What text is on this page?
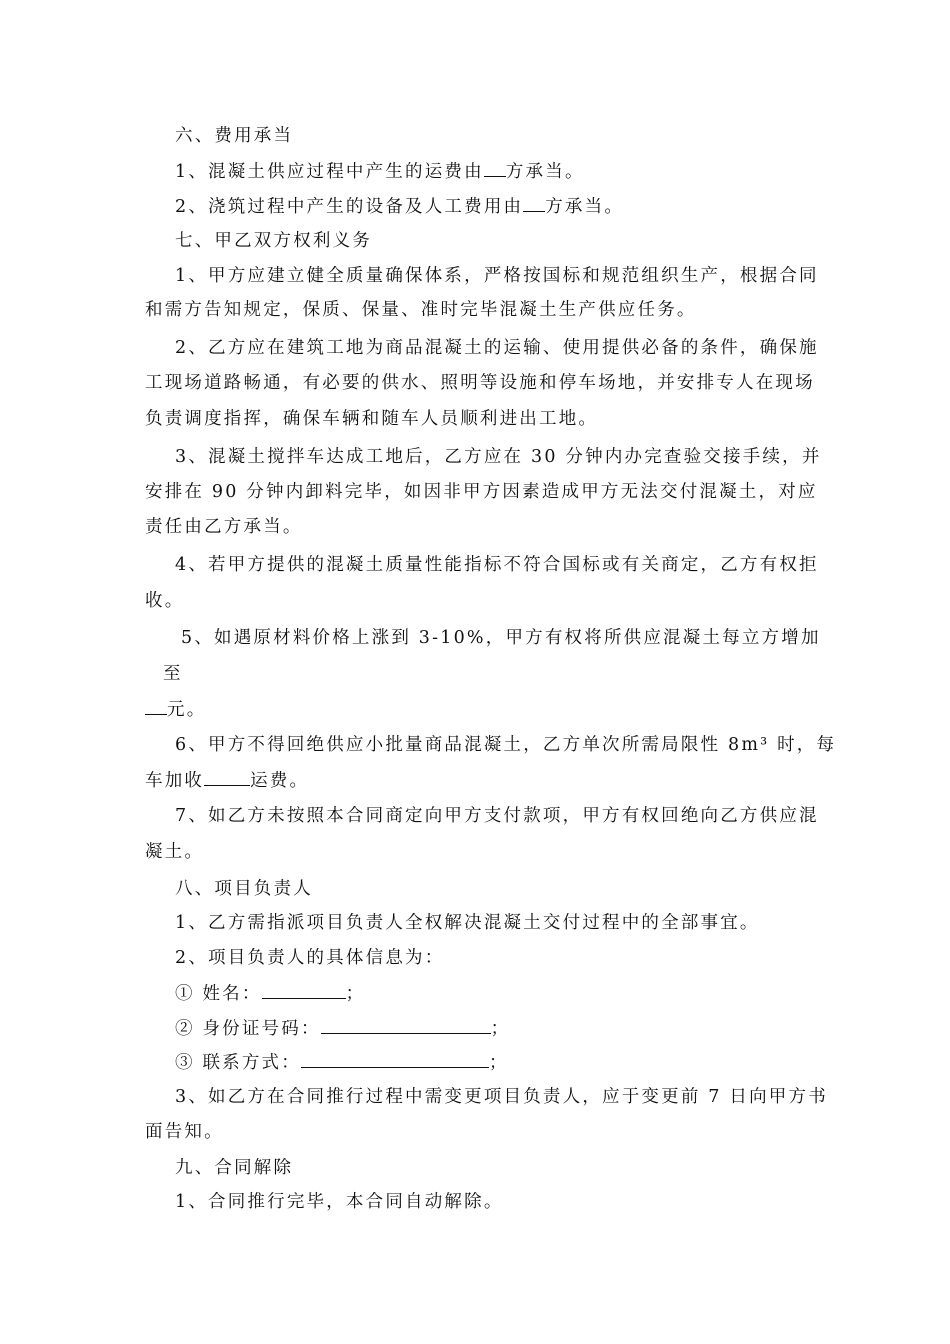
六、费用承当
1、混凝土供应过程中产生的运费由 方承当。
2、浇筑过程中产生的设备及人工费用由 方承当。
七、甲乙双方权利义务
1、甲方应建立健全质量确保体系，严格按国标和规范组织生产，根据合同
和需方告知规定，保质、保量、准时完毕混凝土生产供应任务。
2、乙方应在建筑工地为商品混凝土的运输、使用提供必备的条件，确保施
工现场道路畅通，有必要的供水、照明等设施和停车场地，并安排专人在现场
负责调度指挥，确保车辆和随车人员顺利进出工地。
3、混凝土搅拌车达成工地后，乙方应在 30 分钟内办完查验交接手续，并
安排在 90 分钟内卸料完毕，如因非甲方因素造成甲方无法交付混凝土，对应
责任由乙方承当。
4、若甲方提供的混凝土质量性能指标不符合国标或有关商定，乙方有权拒
收。
5、如遇原材料价格上涨到 3-10%，甲方有权将所供应混凝土每立方增加
至
元。
6、甲方不得回绝供应小批量商品混凝土，乙方单次所需局限性 8m³ 时，每
车加收	运费。
7、如乙方未按照本合同商定向甲方支付款项，甲方有权回绝向乙方供应混
凝土。
八、项目负责人
1、乙方需指派项目负责人全权解决混凝土交付过程中的全部事宜。
2、项目负责人的具体信息为：
① 姓名：	；
② 身份证号码：	；
③ 联系方式：	；
3、如乙方在合同推行过程中需变更项目负责人，应于变更前 7 日向甲方书
面告知。
九、合同解除
1、合同推行完毕，本合同自动解除。
